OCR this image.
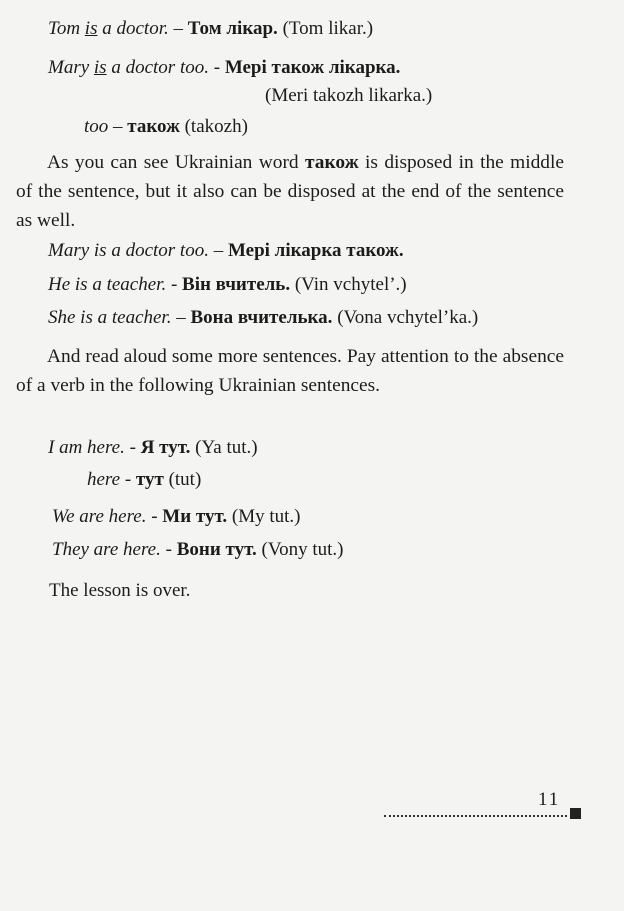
Tom is a doctor. – Том лікар. (Tom likar.)
Mary is a doctor too. - Мері також лікарка.
(Meri takozh likarka.)
too – також (takozh)

As you can see Ukrainian word також is disposed in the middle of the sentence, but it also can be disposed at the end of the sentence as well.

Mary is a doctor too. – Мері лікарка також.
He is a teacher. - Він вчитель. (Vin vchytel’.)
She is a teacher. – Вона вчителька. (Vona vchytel’ka.)

And read aloud some more sentences. Pay attention to the absence of a verb in the following Ukrainian sentences.

I am here. - Я тут. (Ya tut.)
here - тут (tut)
We are here. - Ми тут. (My tut.)
They are here. - Вони тут. (Vony tut.)
The lesson is over.
11
